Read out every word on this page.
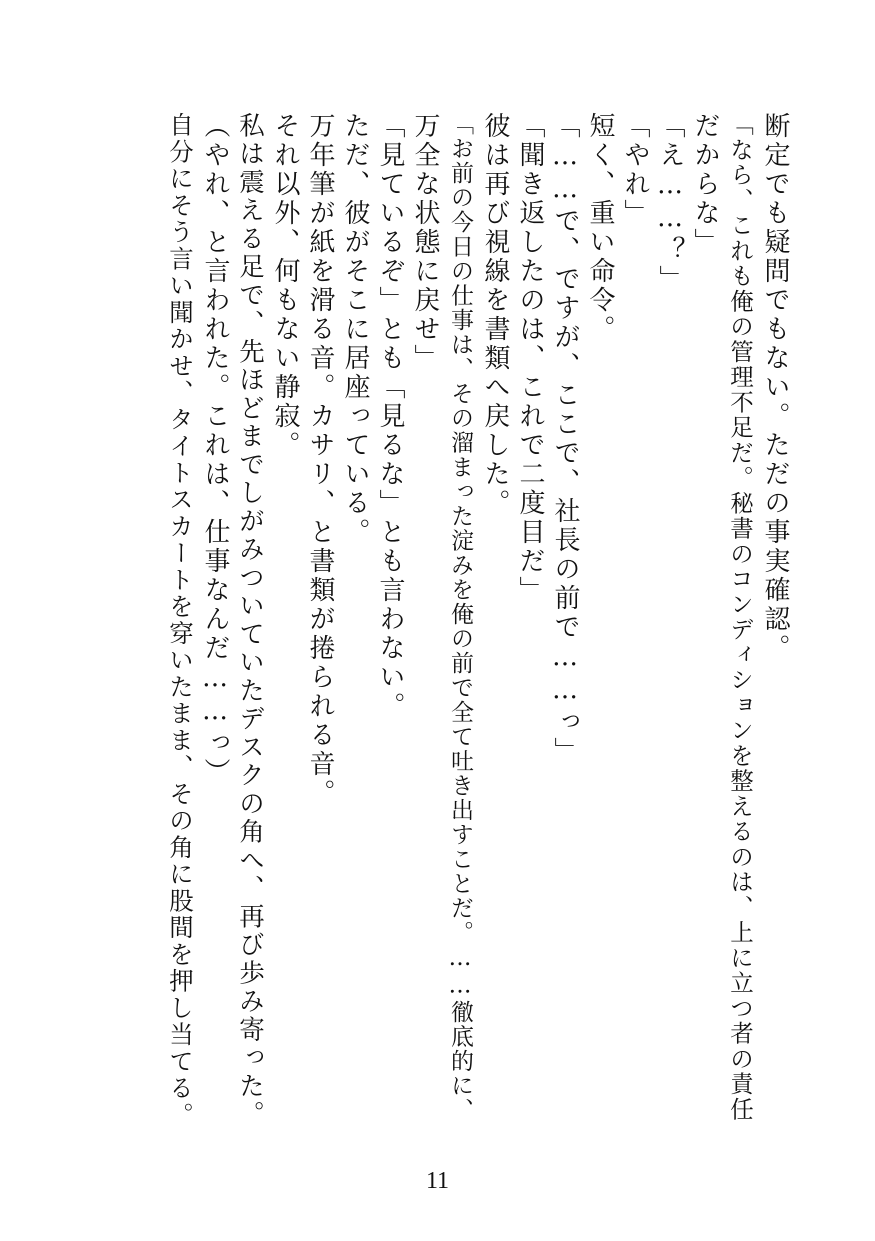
断定でも疑問でもない。ただの事実確認。
「なら、これも俺の管理不足だ。秘書のコンディションを整えるのは、上に立つ者の責任
だからな」
「え……？」
「やれ」
短く、重い命令。
「……で、ですが、ここで、社長の前で……っ」
「聞き返したのは、これで二度目だ」
彼は再び視線を書類へ戻した。
「お前の今日の仕事は、その溜まった淀みを俺の前で全て吐き出すことだ。……徹底的に、
万全な状態に戻せ」
「見ているぞ」とも「見るな」とも言わない。
ただ、彼がそこに居座っている。
万年筆が紙を滑る音。カサリ、と書類が捲られる音。
それ以外、何もない静寂。
私は震える足で、先ほどまでしがみついていたデスクの角へ、再び歩み寄った。
（やれ、と言われた。これは、仕事なんだ……っ）
自分にそう言い聞かせ、タイトスカートを穿いたまま、その角に股間を押し当てる。
11
